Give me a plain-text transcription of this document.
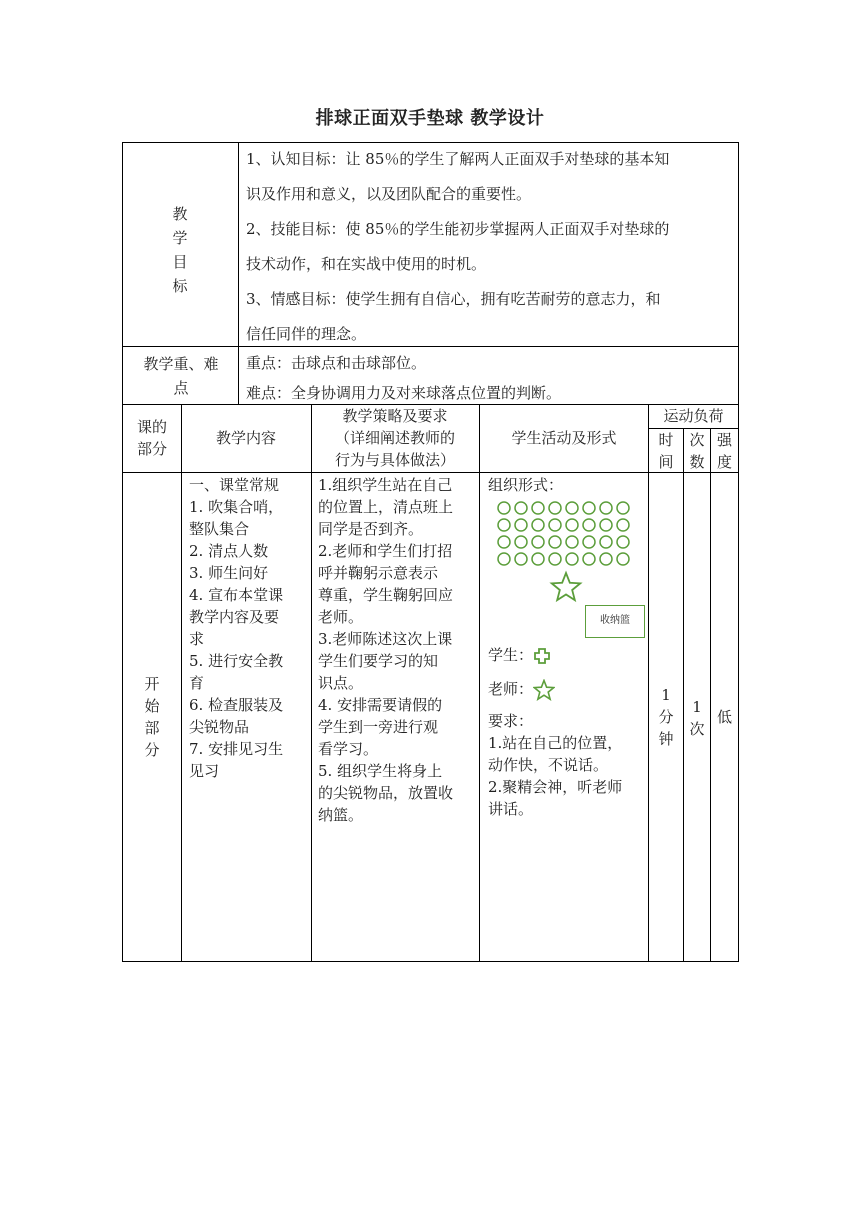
排球正面双手垫球 教学设计
教
学
目
标
1、认知目标：让 85％的学生了解两人正面双手对垫球的基本知
识及作用和意义，以及团队配合的重要性。
2、技能目标：使 85％的学生能初步掌握两人正面双手对垫球的
技术动作，和在实战中使用的时机。
3、情感目标：使学生拥有自信心，拥有吃苦耐劳的意志力，和
信任同伴的理念。
教学重、难
点
重点：击球点和击球部位。
难点：全身协调用力及对来球落点位置的判断。
课的
部分
教学内容
教学策略及要求
（详细阐述教师的
行为与具体做法）
学生活动及形式
运动负荷
时
间
次
数
强
度
开
始
部
分
一、课堂常规
1. 吹集合哨，
整队集合
2. 清点人数
3. 师生问好
4. 宣布本堂课
教学内容及要
求
5. 进行安全教
育
6. 检查服装及
尖锐物品
7. 安排见习生
见习
1.组织学生站在自己
的位置上，清点班上
同学是否到齐。
2.老师和学生们打招
呼并鞠躬示意表示
尊重，学生鞠躬回应
老师。
3.老师陈述这次上课
学生们要学习的知
识点。
4. 安排需要请假的
学生到一旁进行观
看学习。
5. 组织学生将身上
的尖锐物品，放置收
纳篮。
组织形式：
收纳篮
学生：
老师：
要求：
1.站在自己的位置，
动作快，不说话。
2.聚精会神，听老师
讲话。
1
分
钟
1
次
低
